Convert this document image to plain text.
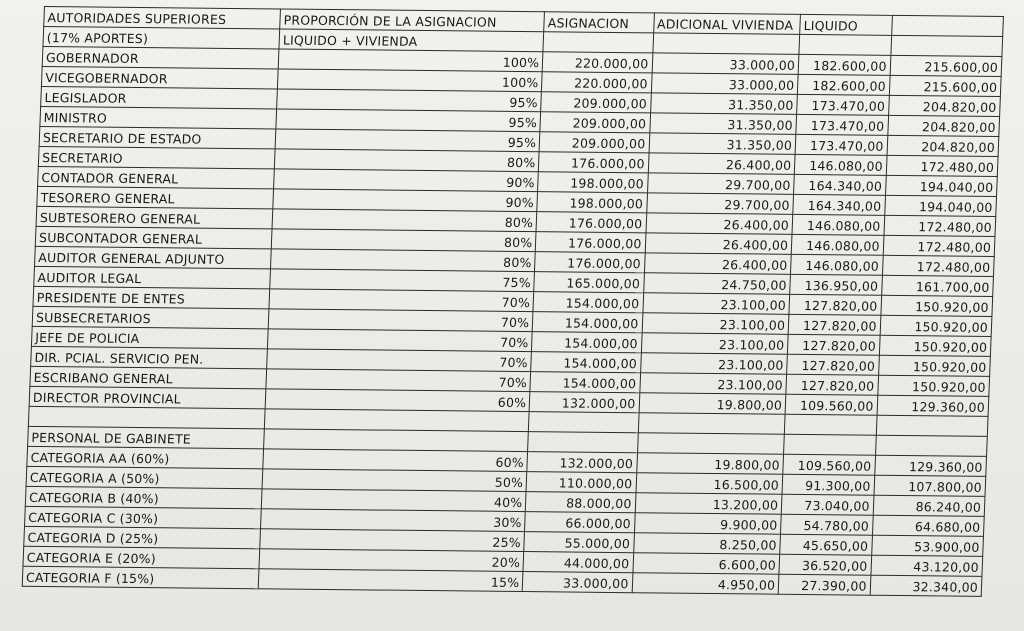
AUTORIDADES SUPERIORES	PROPORCIÓN DE LA ASIGNACION	ASIGNACION	ADICIONAL VIVIENDA	LIQUIDO	
(17% APORTES)	LIQUIDO + VIVIENDA				
GOBERNADOR	100%	220.000,00	33.000,00	182.600,00	215.600,00
VICEGOBERNADOR	100%	220.000,00	33.000,00	182.600,00	215.600,00
LEGISLADOR	95%	209.000,00	31.350,00	173.470,00	204.820,00
MINISTRO	95%	209.000,00	31.350,00	173.470,00	204.820,00
SECRETARIO DE ESTADO	95%	209.000,00	31.350,00	173.470,00	204.820,00
SECRETARIO	80%	176.000,00	26.400,00	146.080,00	172.480,00
CONTADOR GENERAL	90%	198.000,00	29.700,00	164.340,00	194.040,00
TESORERO GENERAL	90%	198.000,00	29.700,00	164.340,00	194.040,00
SUBTESORERO GENERAL	80%	176.000,00	26.400,00	146.080,00	172.480,00
SUBCONTADOR GENERAL	80%	176.000,00	26.400,00	146.080,00	172.480,00
AUDITOR GENERAL ADJUNTO	80%	176.000,00	26.400,00	146.080,00	172.480,00
AUDITOR LEGAL	75%	165.000,00	24.750,00	136.950,00	161.700,00
PRESIDENTE DE ENTES	70%	154.000,00	23.100,00	127.820,00	150.920,00
SUBSECRETARIOS	70%	154.000,00	23.100,00	127.820,00	150.920,00
JEFE DE POLICIA	70%	154.000,00	23.100,00	127.820,00	150.920,00
DIR. PCIAL. SERVICIO PEN.	70%	154.000,00	23.100,00	127.820,00	150.920,00
ESCRIBANO GENERAL	70%	154.000,00	23.100,00	127.820,00	150.920,00
DIRECTOR PROVINCIAL	60%	132.000,00	19.800,00	109.560,00	129.360,00

PERSONAL DE GABINETE					
CATEGORIA AA (60%)	60%	132.000,00	19.800,00	109.560,00	129.360,00
CATEGORIA A (50%)	50%	110.000,00	16.500,00	91.300,00	107.800,00
CATEGORIA B (40%)	40%	88.000,00	13.200,00	73.040,00	86.240,00
CATEGORIA C (30%)	30%	66.000,00	9.900,00	54.780,00	64.680,00
CATEGORIA D (25%)	25%	55.000,00	8.250,00	45.650,00	53.900,00
CATEGORIA E (20%)	20%	44.000,00	6.600,00	36.520,00	43.120,00
CATEGORIA F (15%)	15%	33.000,00	4.950,00	27.390,00	32.340,00
